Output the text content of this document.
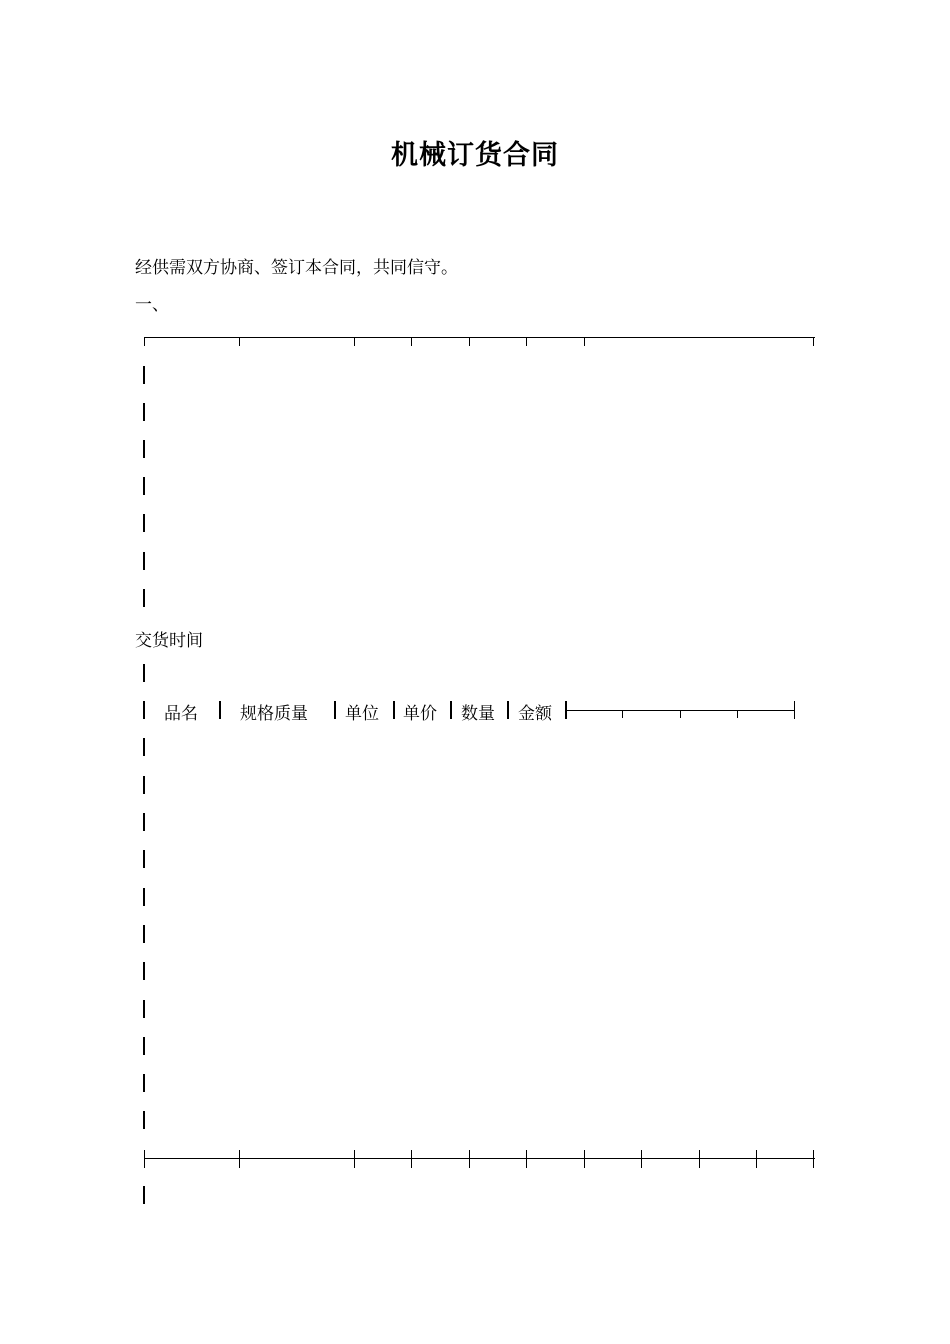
机械订货合同
经供需双方协商、签订本合同，共同信守。
一、
交货时间
品名 规格质量 单位 单价 数量 金额
